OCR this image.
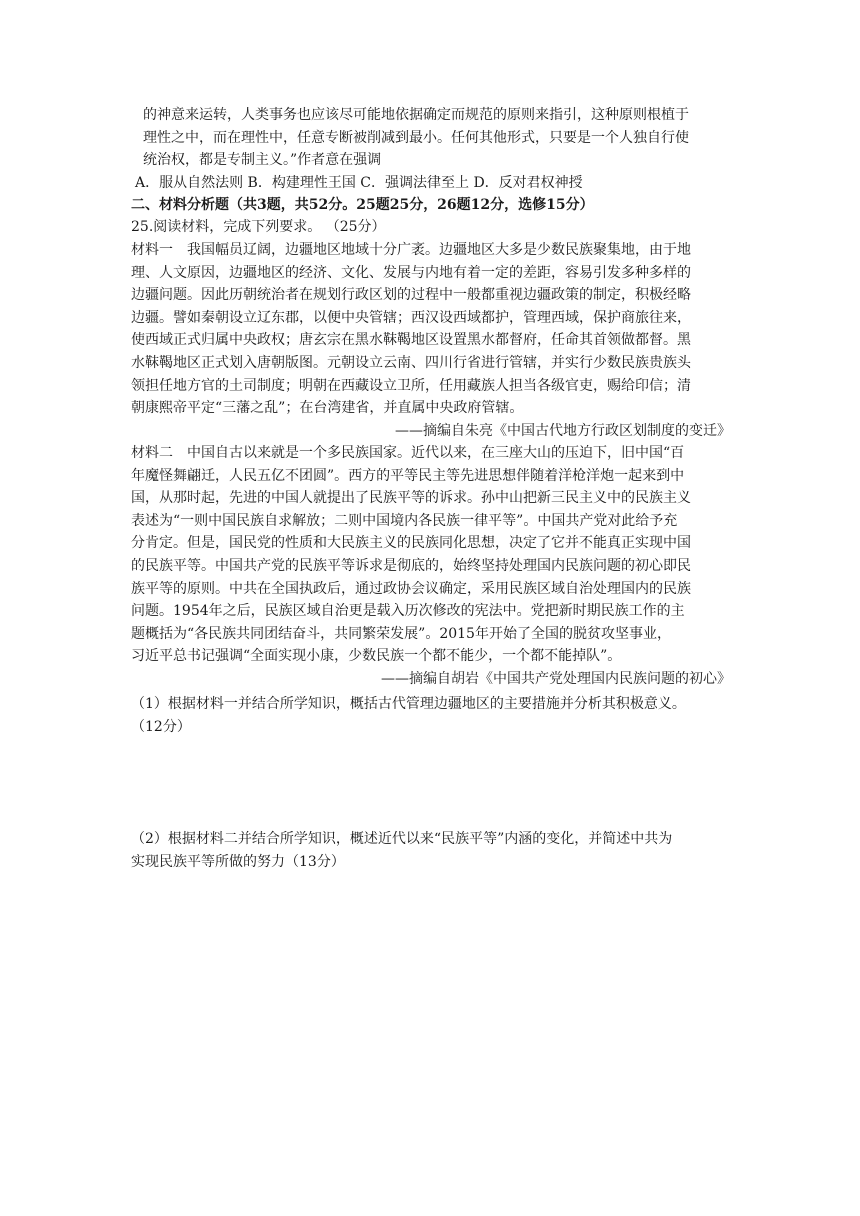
的神意来运转，人类事务也应该尽可能地依据确定而规范的原则来指引，这种原则根植于
理性之中，而在理性中，任意专断被削减到最小。任何其他形式，只要是一个人独自行使
统治权，都是专制主义。”作者意在强调
A．服从自然法则 B．构建理性王国 C．强调法律至上 D．反对君权神授
二、材料分析题（共3题，共52分。25题25分，26题12分，选修15分）
25.阅读材料，完成下列要求。 （25分）
材料一 我国幅员辽阔，边疆地区地域十分广袤。边疆地区大多是少数民族聚集地，由于地
理、人文原因，边疆地区的经济、文化、发展与内地有着一定的差距，容易引发多种多样的
边疆问题。因此历朝统治者在规划行政区划的过程中一般都重视边疆政策的制定，积极经略
边疆。譬如秦朝设立辽东郡，以便中央管辖；西汉设西域都护，管理西域，保护商旅往来，
使西域正式归属中央政权；唐玄宗在黑水靺鞨地区设置黑水都督府，任命其首领做都督。黑
水靺鞨地区正式划入唐朝版图。元朝设立云南、四川行省进行管辖，并实行少数民族贵族头
领担任地方官的土司制度；明朝在西藏设立卫所，任用藏族人担当各级官吏，赐给印信；清
朝康熙帝平定“三藩之乱”；在台湾建省，并直属中央政府管辖。
——摘编自朱亮《中国古代地方行政区划制度的变迁》
材料二 中国自古以来就是一个多民族国家。近代以来，在三座大山的压迫下，旧中国“百
年魔怪舞翩迁，人民五亿不团圆”。西方的平等民主等先进思想伴随着洋枪洋炮一起来到中
国，从那时起，先进的中国人就提出了民族平等的诉求。孙中山把新三民主义中的民族主义
表述为“一则中国民族自求解放；二则中国境内各民族一律平等”。中国共产党对此给予充
分肯定。但是，国民党的性质和大民族主义的民族同化思想，决定了它并不能真正实现中国
的民族平等。中国共产党的民族平等诉求是彻底的，始终坚持处理国内民族问题的初心即民
族平等的原则。中共在全国执政后，通过政协会议确定，采用民族区域自治处理国内的民族
问题。1954年之后，民族区域自治更是载入历次修改的宪法中。党把新时期民族工作的主
题概括为“各民族共同团结奋斗，共同繁荣发展”。2015年开始了全国的脱贫攻坚事业，
习近平总书记强调“全面实现小康，少数民族一个都不能少，一个都不能掉队”。
——摘编自胡岩《中国共产党处理国内民族问题的初心》
（1）根据材料一并结合所学知识，概括古代管理边疆地区的主要措施并分析其积极意义。
（12分）
（2）根据材料二并结合所学知识，概述近代以来“民族平等”内涵的变化，并简述中共为
实现民族平等所做的努力（13分）
